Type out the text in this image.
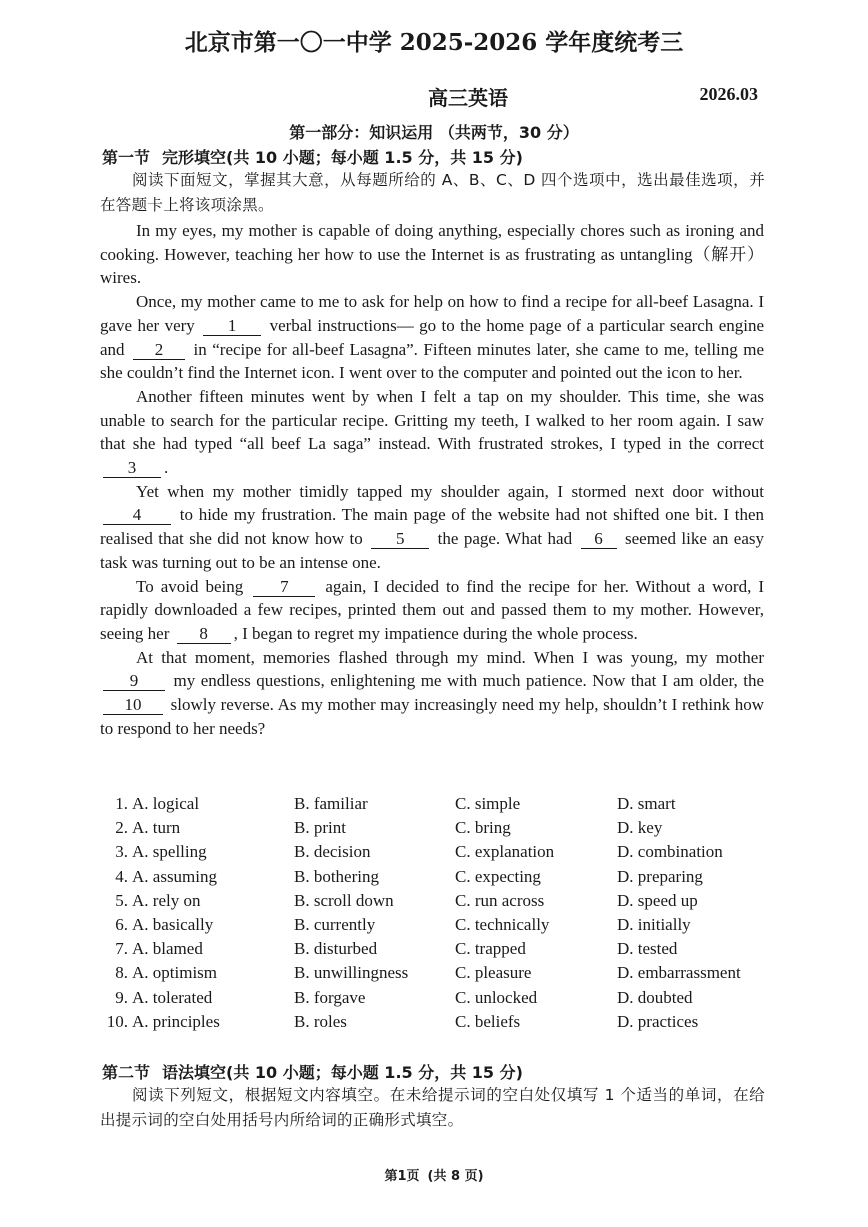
北京市第一〇一中学 2025-2026 学年度统考三
高三英语	2026.03
第一部分：知识运用 （共两节，30 分）
第一节 完形填空(共 10 小题；每小题 1.5 分，共 15 分)
阅读下面短文，掌握其大意，从每题所给的 A、B、C、D 四个选项中，选出最佳选项，并在答题卡上将该项涂黑。

In my eyes, my mother is capable of doing anything, especially chores such as ironing and cooking. However, teaching her how to use the Internet is as frustrating as untangling（解开）wires.

Once, my mother came to me to ask for help on how to find a recipe for all-beef Lasagna. I gave her very 1 verbal instructions— go to the home page of a particular search engine and 2 in “recipe for all-beef Lasagna”. Fifteen minutes later, she came to me, telling me she couldn’t find the Internet icon. I went over to the computer and pointed out the icon to her.

Another fifteen minutes went by when I felt a tap on my shoulder. This time, she was unable to search for the particular recipe. Gritting my teeth, I walked to her room again. I saw that she had typed “all beef La saga” instead. With frustrated strokes, I typed in the correct 3 .

Yet when my mother timidly tapped my shoulder again, I stormed next door without 4 to hide my frustration. The main page of the website had not shifted one bit. I then realised that she did not know how to 5 the page. What had 6 seemed like an easy task was turning out to be an intense one.

To avoid being 7 again, I decided to find the recipe for her. Without a word, I rapidly downloaded a few recipes, printed them out and passed them to my mother. However, seeing her 8 , I began to regret my impatience during the whole process.

At that moment, memories flashed through my mind. When I was young, my mother 9 my endless questions, enlightening me with much patience. Now that I am older, the 10 slowly reverse. As my mother may increasingly need my help, shouldn’t I rethink how to respond to her needs?

1. A. logical	B. familiar	C. simple	D. smart
2. A. turn	B. print	C. bring	D. key
3. A. spelling	B. decision	C. explanation	D. combination
4. A. assuming	B. bothering	C. expecting	D. preparing
5. A. rely on	B. scroll down	C. run across	D. speed up
6. A. basically	B. currently	C. technically	D. initially
7. A. blamed	B. disturbed	C. trapped	D. tested
8. A. optimism	B. unwillingness	C. pleasure	D. embarrassment
9. A. tolerated	B. forgave	C. unlocked	D. doubted
10. A. principles	B. roles	C. beliefs	D. practices
第二节 语法填空(共 10 小题；每小题 1.5 分，共 15 分)
阅读下列短文，根据短文内容填空。在未给提示词的空白处仅填写 1 个适当的单词，在给出提示词的空白处用括号内所给词的正确形式填空。
第1页 (共 8 页)
